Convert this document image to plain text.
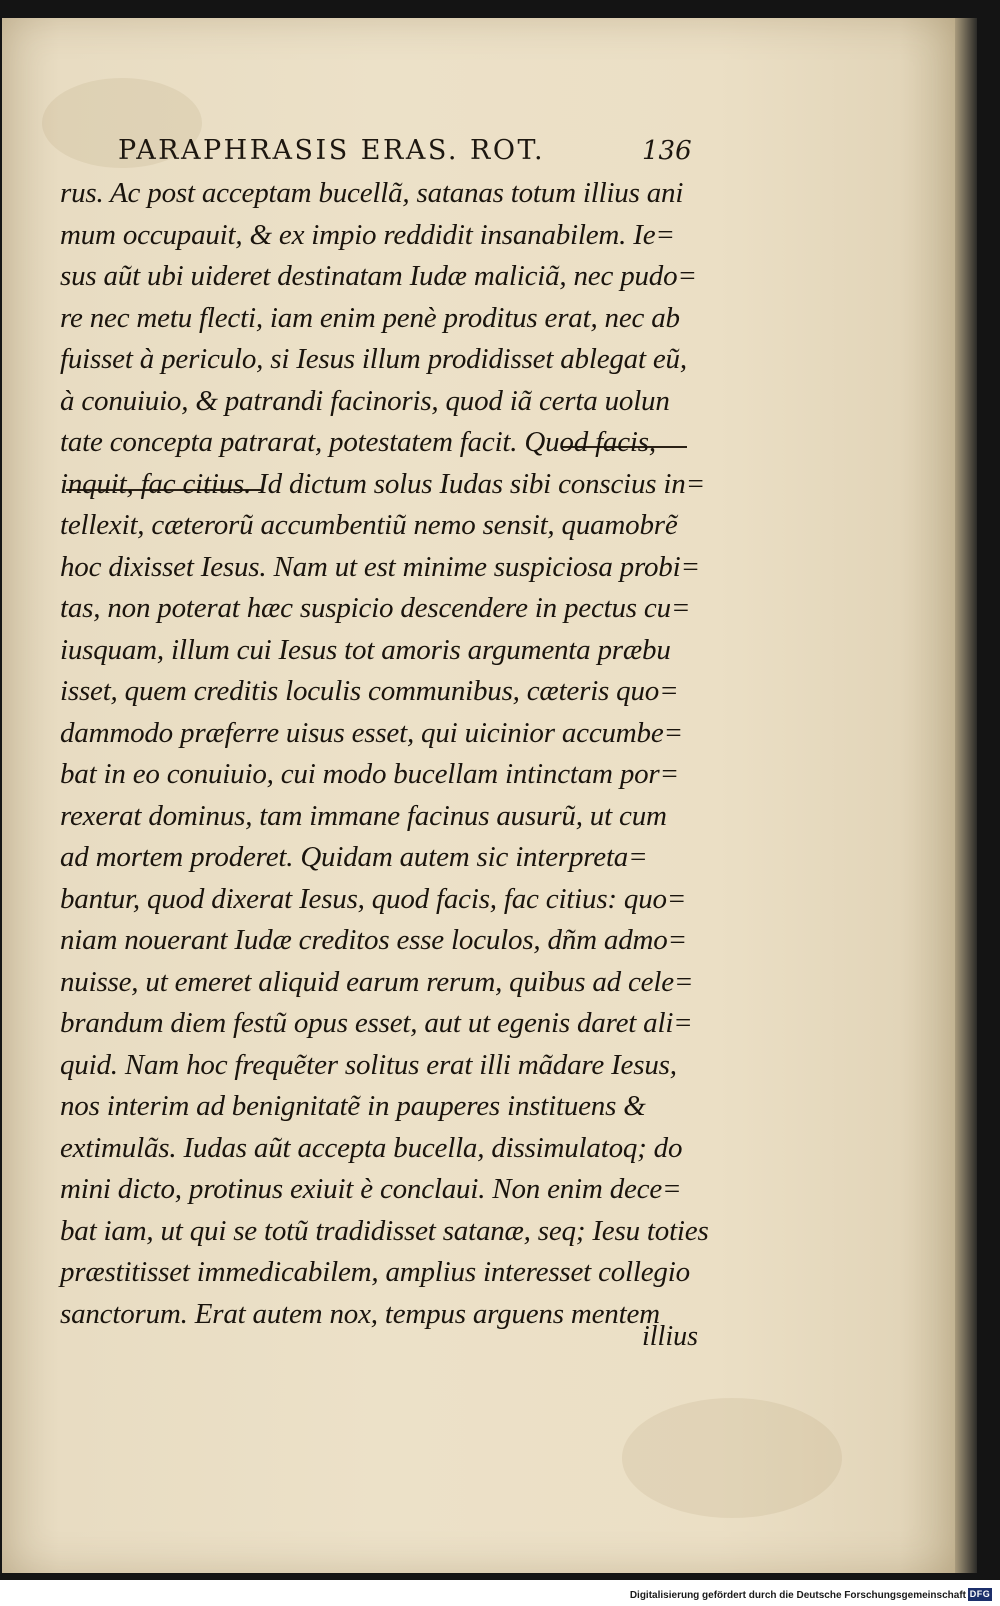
PARAPHRASIS ERAS. ROT.	136
rus. Ac post acceptam bucellã, satanas totum illius ani
mum occupauit, & ex impio reddidit insanabilem. Ie=
sus aũt ubi uideret destinatam Iudæ maliciã, nec pudo=
re nec metu flecti, iam enim penè proditus erat, nec ab
fuisset à periculo, si Iesus illum prodidisset ablegat eũ,
à conuiuio, & patrandi facinoris, quod iã certa uolun
tate concepta patrarat, potestatem facit. Quod facis,
inquit, fac citius. Id dictum solus Iudas sibi conscius in=
tellexit, cæterorũ accumbentiũ nemo sensit, quamobrẽ
hoc dixisset Iesus. Nam ut est minime suspiciosa probi=
tas, non poterat hæc suspicio descendere in pectus cu=
iusquam, illum cui Iesus tot amoris argumenta præbu
isset, quem creditis loculis communibus, cæteris quo=
dammodo præferre uisus esset, qui uicinior accumbe=
bat in eo conuiuio, cui modo bucellam intinctam por=
rexerat dominus, tam immane facinus ausurũ, ut cum
ad mortem proderet. Quidam autem sic interpreta=
bantur, quod dixerat Iesus, quod facis, fac citius: quo=
niam nouerant Iudæ creditos esse loculos, dñm admo=
nuisse, ut emeret aliquid earum rerum, quibus ad cele=
brandum diem festũ opus esset, aut ut egenis daret ali=
quid. Nam hoc frequẽter solitus erat illi mãdare Iesus,
nos interim ad benignitatẽ in pauperes instituens &
extimulãs. Iudas aũt accepta bucella, dissimulatoq; do
mini dicto, protinus exiuit è conclaui. Non enim dece=
bat iam, ut qui se totũ tradidisset satanæ, seq; Iesu toties
præstitisset immedicabilem, amplius interesset collegio
sanctorum. Erat autem nox, tempus arguens mentem
illius
Digitalisierung gefördert durch die Deutsche Forschungsgemeinschaft DFG
